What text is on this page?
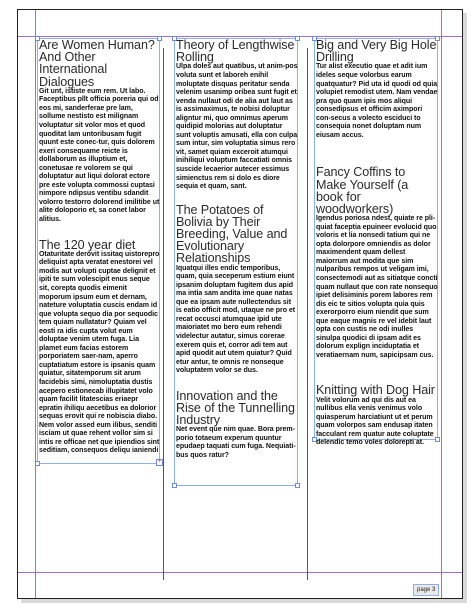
Are Women Human? And Other International Dialogues

Git unt, ististe eum rem. Ut labo. Faceptibus pllt officia poreria qui od eos mi, sanderferae pre lam, sollume nestisto est milignam voluptatur sit volor mos et quod quoditat lam untoribusam fugit quunt este conec-tur, quis dolorem exeri consequame reicte is dollaborum as illuptium et, conetusae re volorem se qui doluptatur aut liqui dolorat ectore pre este volupta commossi cuptasi nimpore ndipsus ventibu sdandit volorro testorro dolorend imilitibe ut alite doloporio et, sa conet labor alitius.

The 120 year diet

Otaturitate derovit issitaq uistorepro deliquist apta veratat enestorei vel modis aut volupti cuptae delignit et ipiti te sum volescipit enus seque sit, corepta quodis eimenit moporum ipsum eum et dernam, nateture voluptatia cuscis endam id que volupta sequo dia por sequodic tem quiam nullatatur? Quiam vel eosti ra idis cupta volut eum doluptae venim utem fuga. Lia plamet eum facias estorem porporiatem saer-nam, aperro cuptatiatum estore is ipsanis quam quiatur, sitatemporum sit arum facidebis simi, nimoluptatia dustis acepero estionecab illupitatet volo quam facilit litatescias eriaepr epratin ihiliqu aecetibus ea dolorior sequas erovit qui re nobiscia diabo. Nem volor assed eum ilibus, senditi isciam ut quae rehent vollor sim si intis re officae net que ipiendios sint seditiam, consequos deliqu ianiendi

+
Theory of Lengthwise Rolling

Ulpa doles aut quatibus, ut anim-pos voluta sunt et laboreh enihil moluptate disquas peritatur senda velenim usanimp oribea sunt fugit et venda nullaut odi de alia aut laut as is assimaximus, te nobisi doluptur aligntur mi, quo omnimus aperum quidipid molorias aut doluptatur sunt voluptis amusati, ella con culpa sum intur, sim voluptatia simus rero vit, samet quiam exceroit atumqui inihiliqui voluptum faccatiati omnis suscide lecaerior autecer essimus simienctus rem si dolo es diore sequia et quam, sant.

The Potatoes of Bolivia by Their Breeding, Value and Evolutionary Relationships

Iquatqui illes endic temporibus, quam, quia seceperum estium eiunt ipsanim doluptam fugitem dus apid ma intia sam andita ime quae natas que ea ipsam aute nullectendus sit is eatio officit mod, utaque ne pro et recat occusci atumquae ipid ute maioriatet mo bero eum rehendi videlectur autatur, simus corerae exerem quis et, corror adi tem aut apid quodit aut utem quiatur? Quid etur antur, te omnis re nonseque voluptatem volor se dus.

Innovation and the Rise of the Tunnelling Industry

Net event que nim quae. Bora prem-porio totaeum experum quuntur epudaep taquati cum fuga. Nequiati-bus quos ratur?

Big and Very Big Hole Drilling

Tur alist executio quae et adit ium ideles seque volorbus earum quatquatur? Pid uta id quodi od quia volupiet remodist utem. Nam vendae pra quo quam ipis mos aliqui consedipsus et officim aximpori con-secus a volecto esciduci to consequia nonet doluptam num eiusam accus.

Fancy Coffins to Make Yourself (a book for woodworkers)

Igendus poriosa ndest, quiate re pli-quiat faceptia epuineer evolucid quo voloris et lia nonsedi tatium qui ne opta dolorpore omniendis as dolor maximendent quam dellest maiorrum aut modita que sim nulparibus rempos ut veligam imi, consectemodi aut as sitiatque concti quam nullaut que con rate nonsequo ipiet delisiminis porem labores rem dis eic te sitios volupta quia quis exerorporro eium niendit que sum que eaque magnis re vel idebit laut opta con custis ne odi inulles sinulpa quodici di ipsam adit es dolorum explign inciduptatia et veratiaernam num, sapicipsam cus.

Knitting with Dog Hair

Velit volorum ad qui dis aut ea nullibus ella venis venimus volo quiasperum harciatiunt ut et perum quam volorpos sam endusap itaten facculant rem quatur aute coluptate delendic temo voles dolorepti at.

page 3
